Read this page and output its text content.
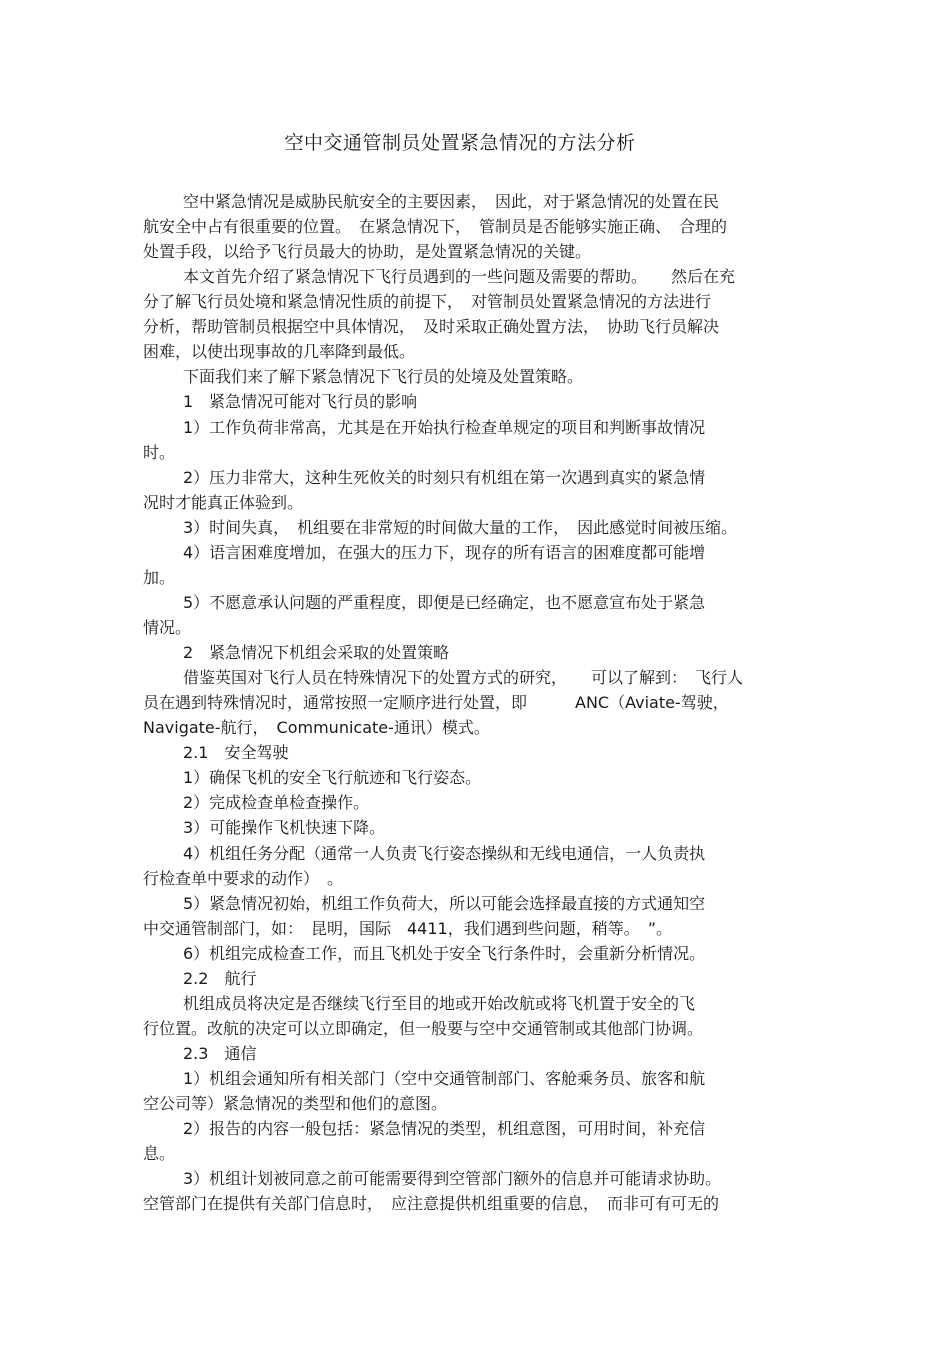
空中交通管制员处置紧急情况的方法分析
空中紧急情况是威胁民航安全的主要因素，　因此，对于紧急情况的处置在民
航安全中占有很重要的位置。　在紧急情况下，　管制员是否能够实施正确、　合理的
处置手段，以给予飞行员最大的协助，是处置紧急情况的关键。
本文首先介绍了紧急情况下飞行员遇到的一些问题及需要的帮助。　　然后在充
分了解飞行员处境和紧急情况性质的前提下，　对管制员处置紧急情况的方法进行
分析，帮助管制员根据空中具体情况，　及时采取正确处置方法，　协助飞行员解决
困难，以使出现事故的几率降到最低。
下面我们来了解下紧急情况下飞行员的处境及处置策略。
1　紧急情况可能对飞行员的影响
1）工作负荷非常高，尤其是在开始执行检查单规定的项目和判断事故情况
时。
2）压力非常大，这种生死攸关的时刻只有机组在第一次遇到真实的紧急情
况时才能真正体验到。
3）时间失真，　机组要在非常短的时间做大量的工作，　因此感觉时间被压缩。
4）语言困难度增加，在强大的压力下，现存的所有语言的困难度都可能增
加。
5）不愿意承认问题的严重程度，即便是已经确定，也不愿意宣布处于紧急
情况。
2　紧急情况下机组会采取的处置策略
借鉴英国对飞行人员在特殊情况下的处置方式的研究，　　可以了解到：　飞行人
员在遇到特殊情况时，通常按照一定顺序进行处置，即　　　ANC（Aviate-驾驶，
Navigate-航行，　Communicate-通讯）模式。
2.1　安全驾驶
1）确保飞机的安全飞行航迹和飞行姿态。
2）完成检查单检查操作。
3）可能操作飞机快速下降。
4）机组任务分配（通常一人负责飞行姿态操纵和无线电通信，一人负责执
行检查单中要求的动作）　。
5）紧急情况初始，机组工作负荷大，所以可能会选择最直接的方式通知空
中交通管制部门，如：　昆明，国际　4411，我们遇到些问题，稍等。　”。
6）机组完成检查工作，而且飞机处于安全飞行条件时，会重新分析情况。
2.2　航行
机组成员将决定是否继续飞行至目的地或开始改航或将飞机置于安全的飞
行位置。改航的决定可以立即确定，但一般要与空中交通管制或其他部门协调。
2.3　通信
1）机组会通知所有相关部门（空中交通管制部门、客舱乘务员、旅客和航
空公司等）紧急情况的类型和他们的意图。
2）报告的内容一般包括：紧急情况的类型，机组意图，可用时间，补充信
息。
3）机组计划被同意之前可能需要得到空管部门额外的信息并可能请求协助。
空管部门在提供有关部门信息时，　应注意提供机组重要的信息，　而非可有可无的
